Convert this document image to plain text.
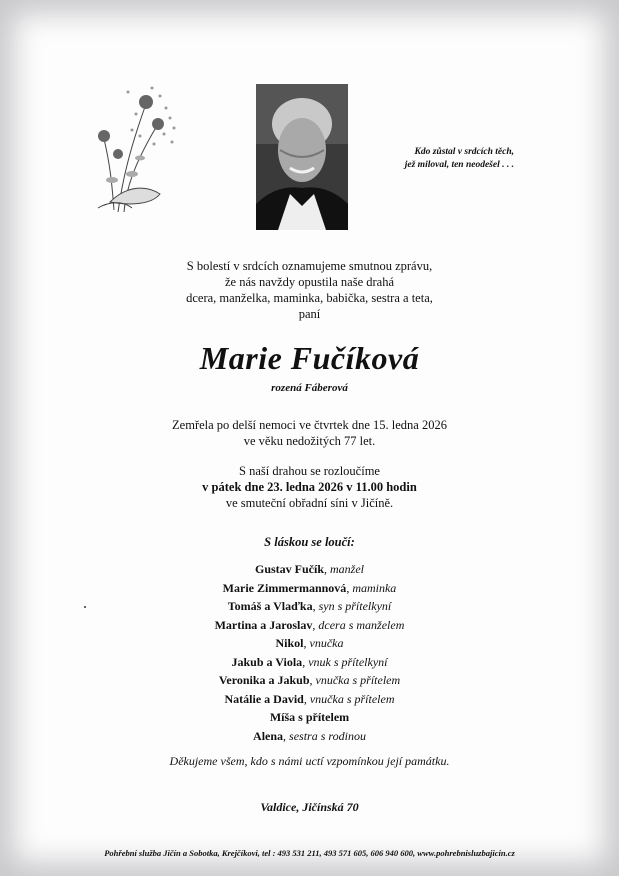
Kdo zůstal v srdcích těch,
jež miloval, ten neodešel . . .
S bolestí v srdcích oznamujeme smutnou zprávu,
že nás navždy opustila naše drahá
dcera, manželka, maminka, babička, sestra a teta,
paní
Marie Fučíková
rozená Fáberová
Zemřela po delší nemoci ve čtvrtek dne 15. ledna 2026
ve věku nedožitých 77 let.
S naší drahou se rozloučíme
v pátek dne 23. ledna 2026 v 11.00 hodin
ve smuteční obřadní síni v Jičíně.
S láskou se loučí:
Gustav Fučík, manžel
Marie Zimmermannová, maminka
Tomáš a Vlaďka, syn s přítelkyní
Martina a Jaroslav, dcera s manželem
Nikol, vnučka
Jakub a Viola, vnuk s přítelkyní
Veronika a Jakub, vnučka s přítelem
Natálie a David, vnučka s přítelem
Míša s přítelem
Alena, sestra s rodinou
Děkujeme všem, kdo s námi uctí vzpomínkou její památku.
Valdice, Jičínská 70
Pohřební služba Jičín a Sobotka, Krejčíkovi, tel : 493 531 211, 493 571 605, 606 940 600, www.pohrebnisluzbajicin.cz
